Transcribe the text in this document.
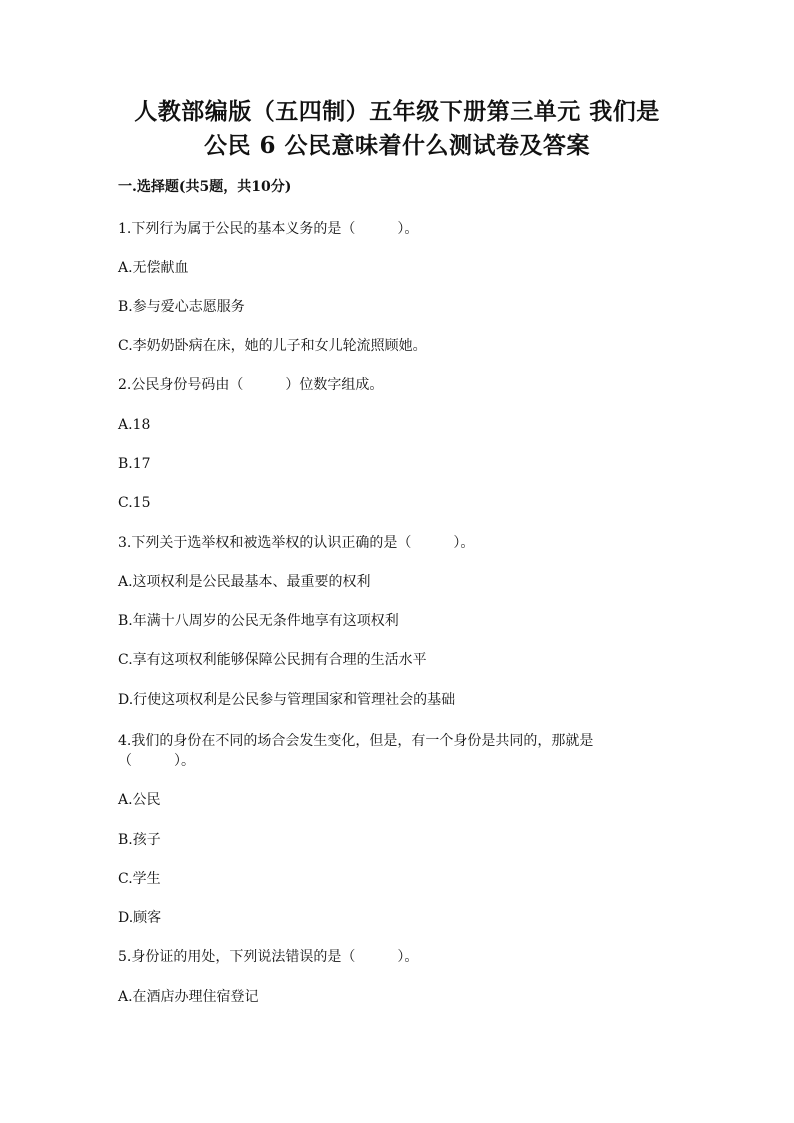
人教部编版（五四制）五年级下册第三单元 我们是
公民 6 公民意味着什么测试卷及答案
一.选择题(共5题，共10分)
1.下列行为属于公民的基本义务的是（　　　）。
A.无偿献血
B.参与爱心志愿服务
C.李奶奶卧病在床，她的儿子和女儿轮流照顾她。
2.公民身份号码由（　　　）位数字组成。
A.18
B.17
C.15
3.下列关于选举权和被选举权的认识正确的是（　　　）。
A.这项权利是公民最基本、最重要的权利
B.年满十八周岁的公民无条件地享有这项权利
C.享有这项权利能够保障公民拥有合理的生活水平
D.行使这项权利是公民参与管理国家和管理社会的基础
4.我们的身份在不同的场合会发生变化，但是，有一个身份是共同的，那就是
（　　　）。
A.公民
B.孩子
C.学生
D.顾客
5.身份证的用处，下列说法错误的是（　　　）。
A.在酒店办理住宿登记
